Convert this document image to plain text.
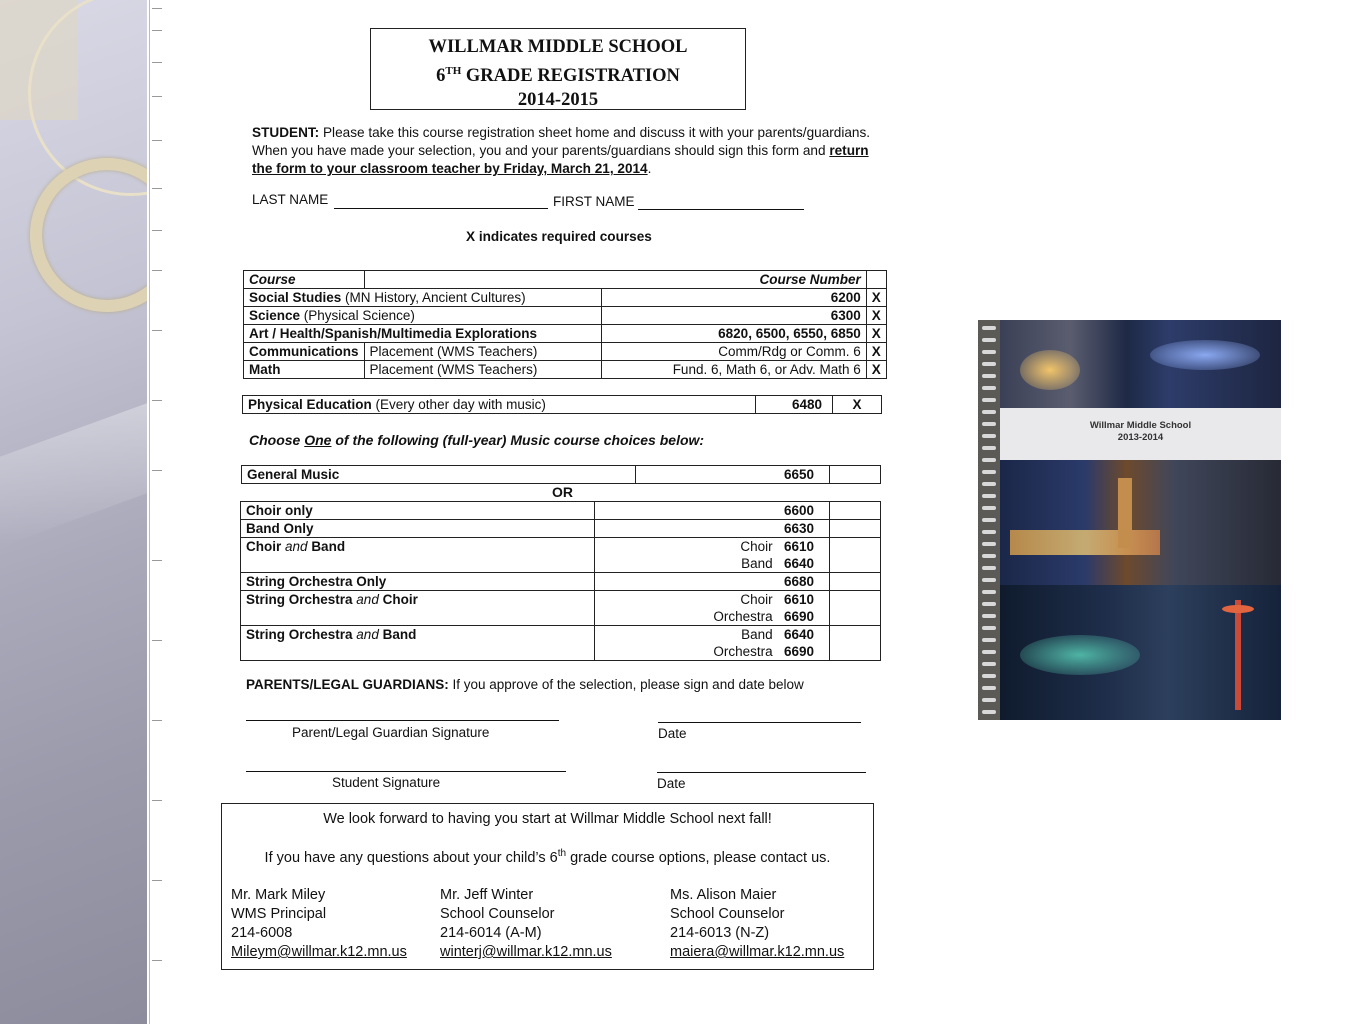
WILLMAR MIDDLE SCHOOL
6TH GRADE REGISTRATION
2014-2015
STUDENT: Please take this course registration sheet home and discuss it with your parents/guardians. When you have made your selection, you and your parents/guardians should sign this form and return the form to your classroom teacher by Friday, March 21, 2014.
LAST NAME	FIRST NAME
X indicates required courses
Course	Course Number		
Social Studies (MN History, Ancient Cultures)		6200	X
Science (Physical Science)		6300	X
Art / Health/Spanish/Multimedia Explorations		6820, 6500, 6550, 6850	X
Communications	Placement (WMS Teachers)	Comm/Rdg or Comm. 6	X
Math	Placement (WMS Teachers)	Fund. 6, Math 6, or Adv. Math 6	X
Physical Education (Every other day with music)	6480	X
Choose One of the following (full-year) Music course choices below:
General Music	6650	
OR
Choir only	6600	
Band Only	6630	
Choir and Band	Choir 6610
Band 6640	

String Orchestra Only	6680	
String Orchestra and Choir	Choir 6610
Orchestra 6690	

String Orchestra and Band	Band 6640
Orchestra 6690	

PARENTS/LEGAL GUARDIANS: If you approve of the selection, please sign and date below
Parent/Legal Guardian Signature	Date
Student Signature	Date
We look forward to having you start at Willmar Middle School next fall!
If you have any questions about your child’s 6th grade course options, please contact us.
Mr. Mark Miley
WMS Principal
214-6008
Mileym@willmar.k12.mn.us
Mr. Jeff Winter
School Counselor
214-6014 (A-M)
winterj@willmar.k12.mn.us
Ms. Alison Maier
School Counselor
214-6013 (N-Z)
maiera@willmar.k12.mn.us
Willmar Middle School
2013-2014
